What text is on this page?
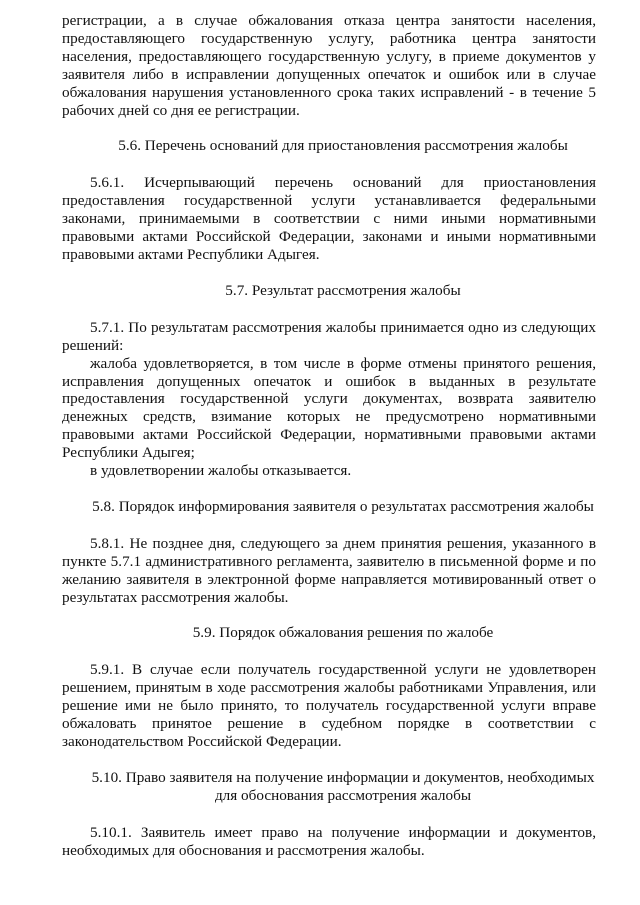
регистрации, а в случае обжалования отказа центра занятости населения, предоставляющего государственную услугу, работника центра занятости населения, предоставляющего государственную услугу, в приеме документов у заявителя либо в исправлении допущенных опечаток и ошибок или в случае обжалования нарушения установленного срока таких исправлений - в течение 5 рабочих дней со дня ее регистрации.

5.6. Перечень оснований для приостановления рассмотрения жалобы

5.6.1. Исчерпывающий перечень оснований для приостановления предоставления государственной услуги устанавливается федеральными законами, принимаемыми в соответствии с ними иными нормативными правовыми актами Российской Федерации, законами и иными нормативными правовыми актами Республики Адыгея.

5.7. Результат рассмотрения жалобы

5.7.1. По результатам рассмотрения жалобы принимается одно из следующих решений:

жалоба удовлетворяется, в том числе в форме отмены принятого решения, исправления допущенных опечаток и ошибок в выданных в результате предоставления государственной услуги документах, возврата заявителю денежных средств, взимание которых не предусмотрено нормативными правовыми актами Российской Федерации, нормативными правовыми актами Республики Адыгея;

в удовлетворении жалобы отказывается.

5.8. Порядок информирования заявителя о результатах рассмотрения жалобы

5.8.1. Не позднее дня, следующего за днем принятия решения, указанного в пункте 5.7.1 административного регламента, заявителю в письменной форме и по желанию заявителя в электронной форме направляется мотивированный ответ о результатах рассмотрения жалобы.

5.9. Порядок обжалования решения по жалобе

5.9.1. В случае если получатель государственной услуги не удовлетворен решением, принятым в ходе рассмотрения жалобы работниками Управления, или решение ими не было принято, то получатель государственной услуги вправе обжаловать принятое решение в судебном порядке в соответствии с законодательством Российской Федерации.

5.10. Право заявителя на получение информации и документов, необходимых для обоснования рассмотрения жалобы

5.10.1. Заявитель имеет право на получение информации и документов, необходимых для обоснования и рассмотрения жалобы.
